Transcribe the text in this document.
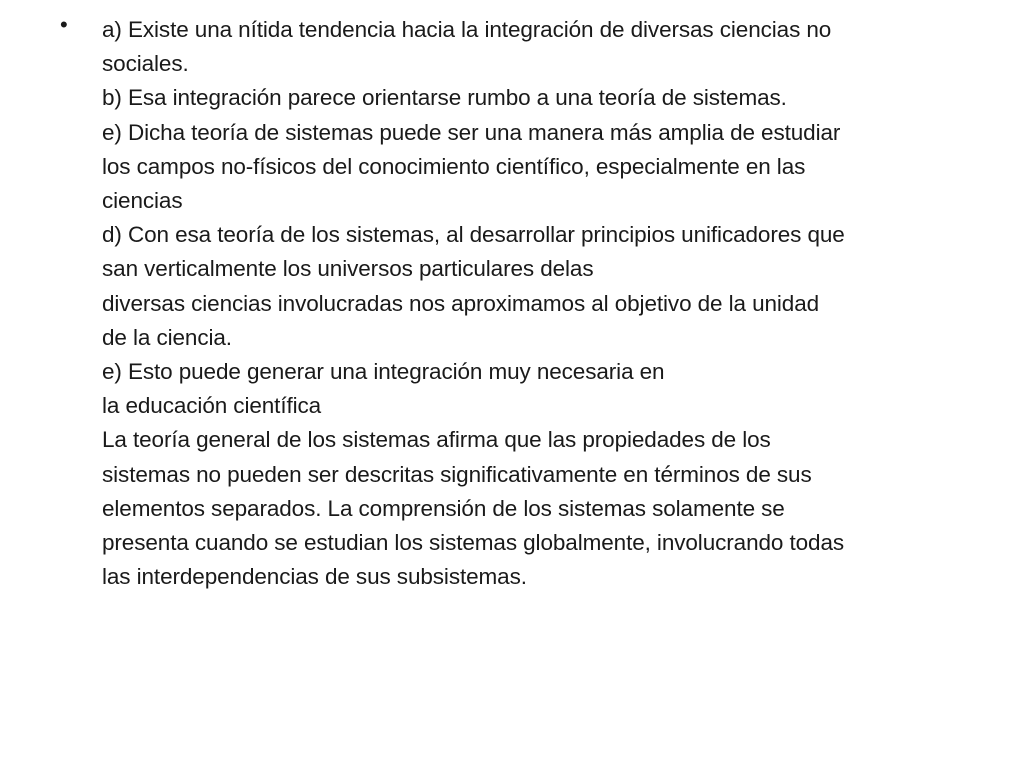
• a) Existe una nítida tendencia hacia la integración de diversas ciencias no
sociales.
b) Esa integración parece orientarse rumbo a una teoría de sistemas.
e) Dicha teoría de sistemas puede ser una manera más amplia de estudiar
los campos no-físicos del conocimiento científico, especialmente en las
ciencias
d) Con esa teoría de los sistemas, al desarrollar principios unificadores que
san verticalmente los universos particulares delas
diversas ciencias involucradas nos aproximamos al objetivo de la unidad
de la ciencia.
e) Esto puede generar una integración muy necesaria en
la educación científica
La teoría general de los sistemas afirma que las propiedades de los
sistemas no pueden ser descritas significativamente en términos de sus
elementos separados. La comprensión de los sistemas solamente se
presenta cuando se estudian los sistemas globalmente, involucrando todas
las interdependencias de sus subsistemas.
